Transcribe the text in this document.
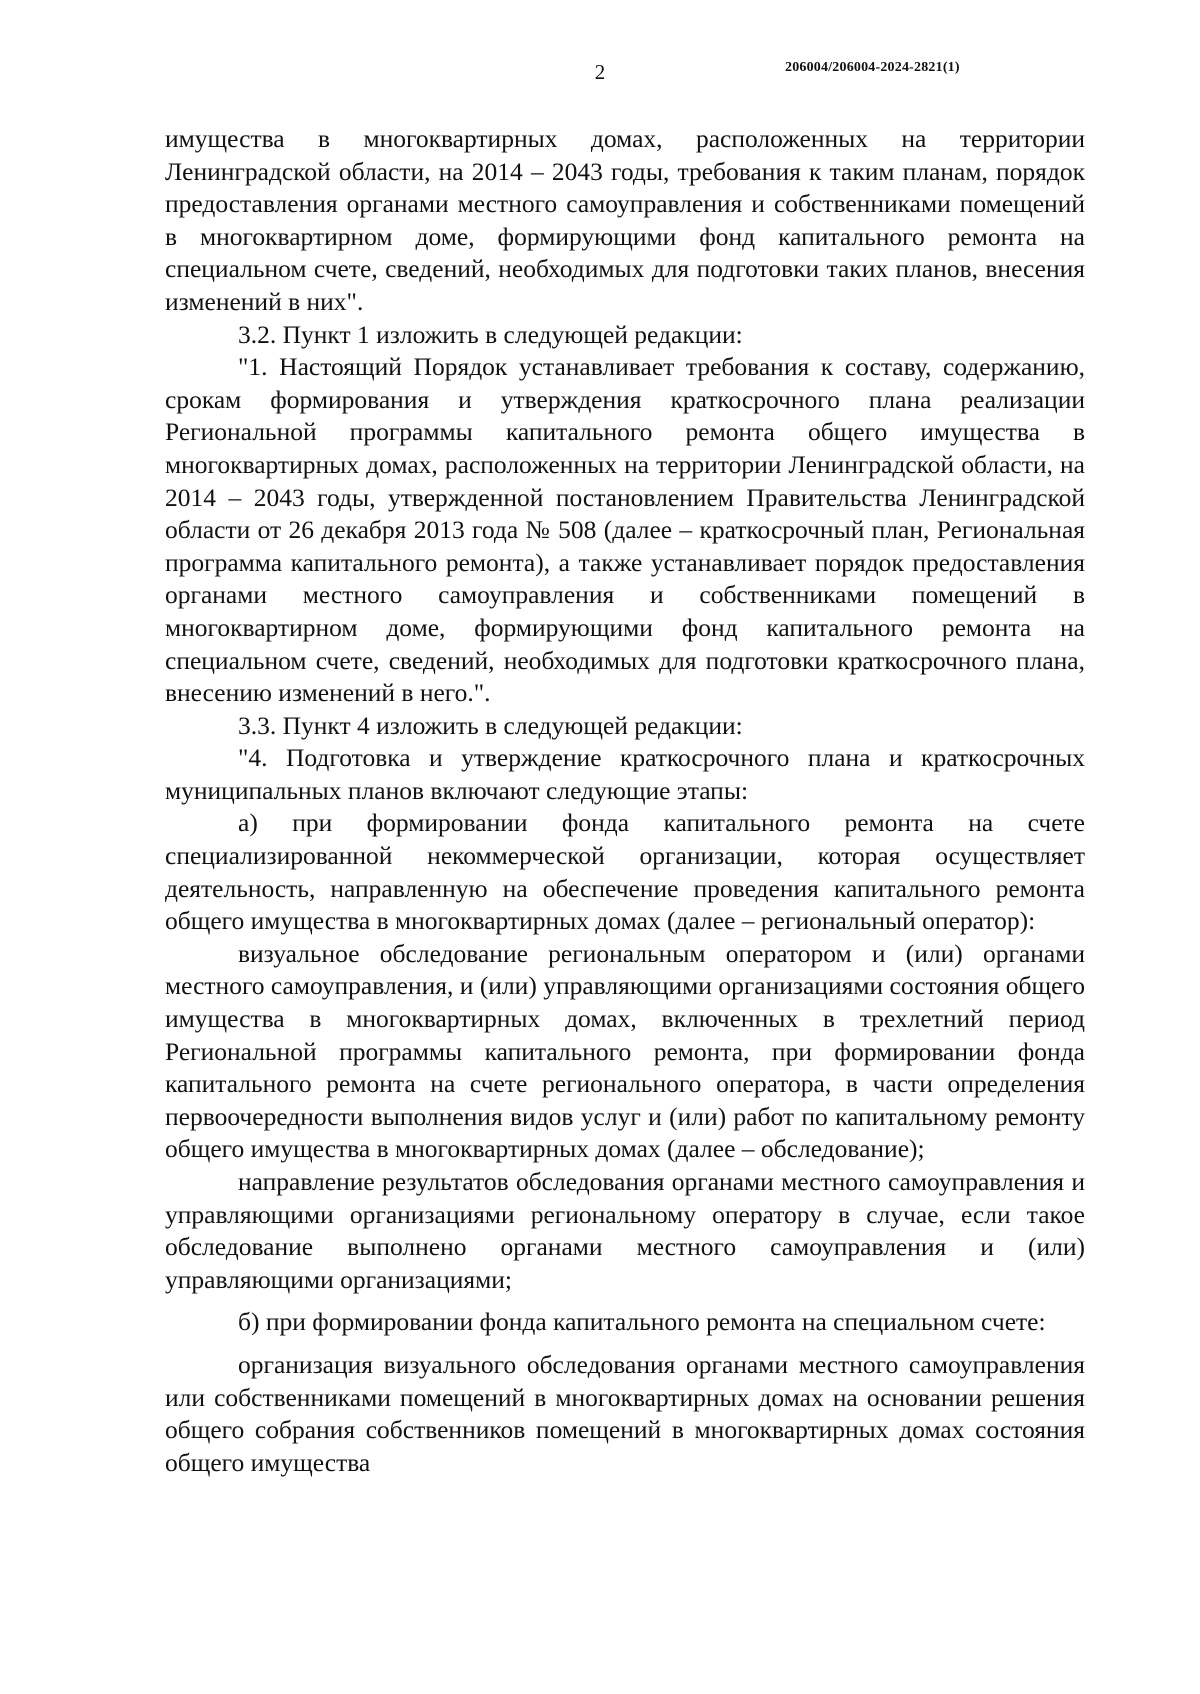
2	206004/206004-2024-2821(1)

имущества в многоквартирных домах, расположенных на территории Ленинградской области, на 2014 – 2043 годы, требования к таким планам, порядок предоставления органами местного самоуправления и собственниками помещений в многоквартирном доме, формирующими фонд капитального ремонта на специальном счете, сведений, необходимых для подготовки таких планов, внесения изменений в них".

3.2. Пункт 1 изложить в следующей редакции:

"1. Настоящий Порядок устанавливает требования к составу, содержанию, срокам формирования и утверждения краткосрочного плана реализации Региональной программы капитального ремонта общего имущества в многоквартирных домах, расположенных на территории Ленинградской области, на 2014 – 2043 годы, утвержденной постановлением Правительства Ленинградской области от 26 декабря 2013 года № 508 (далее – краткосрочный план, Региональная программа капитального ремонта), а также устанавливает порядок предоставления органами местного самоуправления и собственниками помещений в многоквартирном доме, формирующими фонд капитального ремонта на специальном счете, сведений, необходимых для подготовки краткосрочного плана, внесению изменений в него.".

3.3. Пункт 4 изложить в следующей редакции:

"4. Подготовка и утверждение краткосрочного плана и краткосрочных муниципальных планов включают следующие этапы:

а) при формировании фонда капитального ремонта на счете специализированной некоммерческой организации, которая осуществляет деятельность, направленную на обеспечение проведения капитального ремонта общего имущества в многоквартирных домах (далее – региональный оператор):

визуальное обследование региональным оператором и (или) органами местного самоуправления, и (или) управляющими организациями состояния общего имущества в многоквартирных домах, включенных в трехлетний период Региональной программы капитального ремонта, при формировании фонда капитального ремонта на счете регионального оператора, в части определения первоочередности выполнения видов услуг и (или) работ по капитальному ремонту общего имущества в многоквартирных домах (далее – обследование);

направление результатов обследования органами местного самоуправления и управляющими организациями региональному оператору в случае, если такое обследование выполнено органами местного самоуправления и (или) управляющими организациями;

б) при формировании фонда капитального ремонта на специальном счете:

организация визуального обследования органами местного самоуправления или собственниками помещений в многоквартирных домах на основании решения общего собрания собственников помещений в многоквартирных домах состояния общего имущества
